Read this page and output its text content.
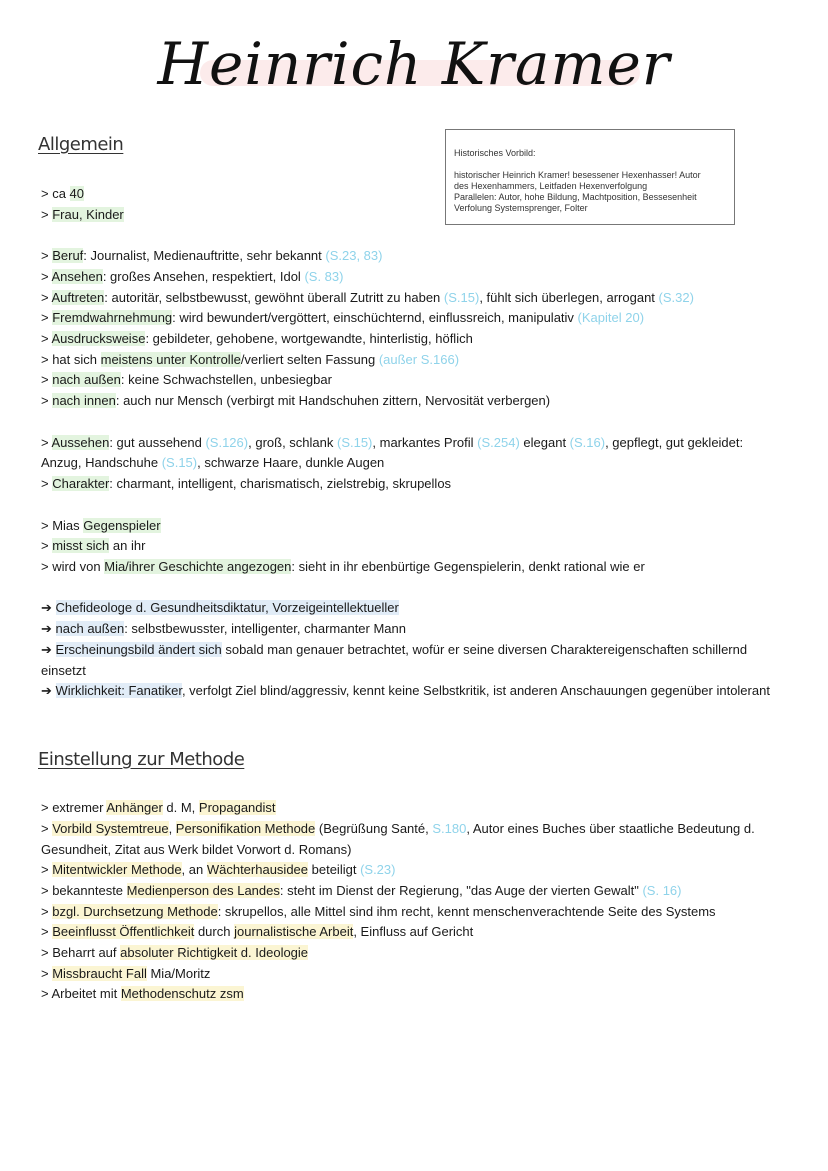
Heinrich Kramer
Allgemein	Historisches Vorbild:
historischer Heinrich Kramer! besessener Hexenhasser! Autor
des Hexenhammers, Leitfaden Hexenverfolgung
Parallelen: Autor, hohe Bildung, Machtposition, Bessesenheit
Verfolung Systemsprenger, Folter
> ca 40
> Frau, Kinder
> Beruf: Journalist, Medienauftritte, sehr bekannt (S.23, 83)
> Ansehen: großes Ansehen, respektiert, Idol (S. 83)
> Auftreten: autoritär, selbstbewusst, gewöhnt überall Zutritt zu haben (S.15), fühlt sich überlegen, arrogant (S.32)
> Fremdwahrnehmung: wird bewundert/vergöttert, einschüchternd, einflussreich, manipulativ (Kapitel 20)
> Ausdrucksweise: gebildeter, gehobene, wortgewandte, hinterlistig, höflich
> hat sich meistens unter Kontrolle/verliert selten Fassung (außer S.166)
> nach außen: keine Schwachstellen, unbesiegbar
> nach innen: auch nur Mensch (verbirgt mit Handschuhen zittern, Nervosität verbergen)
> Aussehen: gut aussehend (S.126), groß, schlank (S.15), markantes Profil (S.254) elegant (S.16), gepflegt, gut gekleidet:
Anzug, Handschuhe (S.15), schwarze Haare, dunkle Augen
> Charakter: charmant, intelligent, charismatisch, zielstrebig, skrupellos
> Mias Gegenspieler
> misst sich an ihr
> wird von Mia/ihrer Geschichte angezogen: sieht in ihr ebenbürtige Gegenspielerin, denkt rational wie er
➔ Chefideologe d. Gesundheitsdiktatur, Vorzeigeintellektueller
➔ nach außen: selbstbewusster, intelligenter, charmanter Mann
➔ Erscheinungsbild ändert sich sobald man genauer betrachtet, wofür er seine diversen Charaktereigenschaften schillernd einsetzt
➔ Wirklichkeit: Fanatiker, verfolgt Ziel blind/aggressiv, kennt keine Selbstkritik, ist anderen Anschauungen gegenüber intolerant
Einstellung zur Methode
> extremer Anhänger d. M, Propagandist
> Vorbild Systemtreue, Personifikation Methode (Begrüßung Santé, S.180, Autor eines Buches über staatliche Bedeutung d. Gesundheit, Zitat aus Werk bildet Vorwort d. Romans)
> Mitentwickler Methode, an Wächterhausidee beteiligt (S.23)
> bekannteste Medienperson des Landes: steht im Dienst der Regierung, "das Auge der vierten Gewalt" (S. 16)
> bzgl. Durchsetzung Methode: skrupellos, alle Mittel sind ihm recht, kennt menschenverachtende Seite des Systems
> Beeinflusst Öffentlichkeit durch journalistische Arbeit, Einfluss auf Gericht
> Beharrt auf absoluter Richtigkeit d. Ideologie
> Missbraucht Fall Mia/Moritz
> Arbeitet mit Methodenschutz zsm
